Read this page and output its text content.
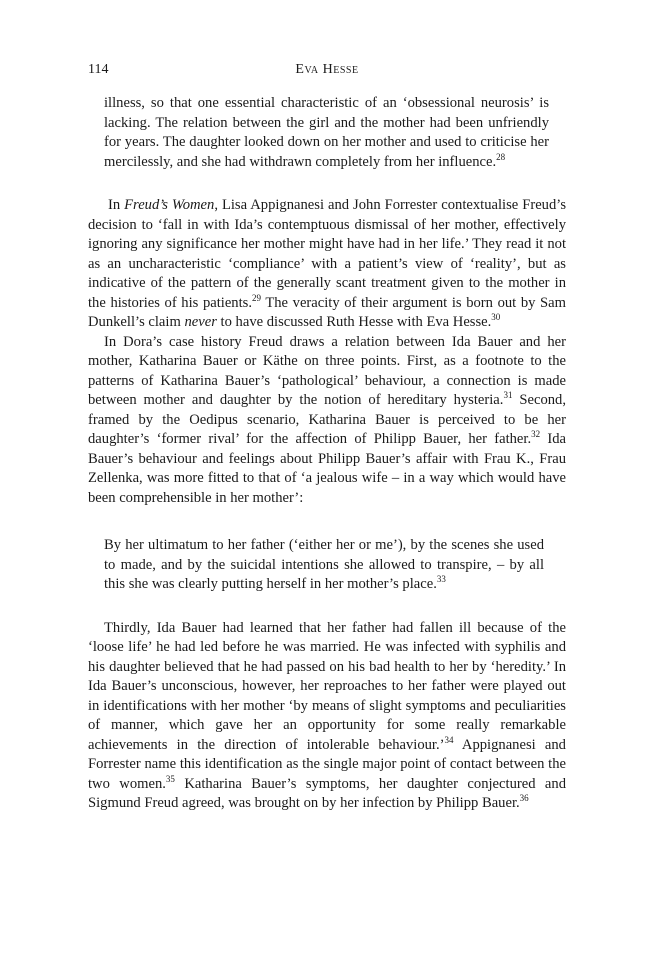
114	Eva Hesse
illness, so that one essential characteristic of an ‘obsessional neurosis’ is lacking. The relation between the girl and the mother had been unfriendly for years. The daughter looked down on her mother and used to criticise her mercilessly, and she had withdrawn completely from her influence.$^{28}$

In Freud’s Women, Lisa Appignanesi and John Forrester contextualise Freud’s decision to ‘fall in with Ida’s contemptuous dismissal of her mother, effectively ignoring any significance her mother might have had in her life.’ They read it not as an uncharacteristic ‘compliance’ with a patient’s view of ‘reality’, but as indicative of the pattern of the generally scant treatment given to the mother in the histories of his patients.$^{29}$ The veracity of their argument is born out by Sam Dunkell’s claim never to have discussed Ruth Hesse with Eva Hesse.$^{30}$

In Dora’s case history Freud draws a relation between Ida Bauer and her mother, Katharina Bauer or Käthe on three points. First, as a footnote to the patterns of Katharina Bauer’s ‘pathological’ behaviour, a connection is made between mother and daughter by the notion of hereditary hysteria.$^{31}$ Second, framed by the Oedipus scenario, Katharina Bauer is perceived to be her daughter’s ‘former rival’ for the affection of Philipp Bauer, her father.$^{32}$ Ida Bauer’s behaviour and feelings about Philipp Bauer’s affair with Frau K., Frau Zellenka, was more fitted to that of ‘a jealous wife – in a way which would have been comprehensible in her mother’:

By her ultimatum to her father (‘either her or me’), by the scenes she used to made, and by the suicidal intentions she allowed to transpire, – by all this she was clearly putting herself in her mother’s place.$^{33}$

Thirdly, Ida Bauer had learned that her father had fallen ill because of the ‘loose life’ he had led before he was married. He was infected with syphilis and his daughter believed that he had passed on his bad health to her by ‘heredity.’ In Ida Bauer’s unconscious, however, her reproaches to her father were played out in identifications with her mother ‘by means of slight symptoms and peculiarities of manner, which gave her an opportunity for some really remarkable achievements in the direction of intolerable behaviour.’$^{34}$ Appignanesi and Forrester name this identification as the single major point of contact between the two women.$^{35}$ Katharina Bauer’s symptoms, her daughter conjectured and Sigmund Freud agreed, was brought on by her infection by Philipp Bauer.$^{36}$
